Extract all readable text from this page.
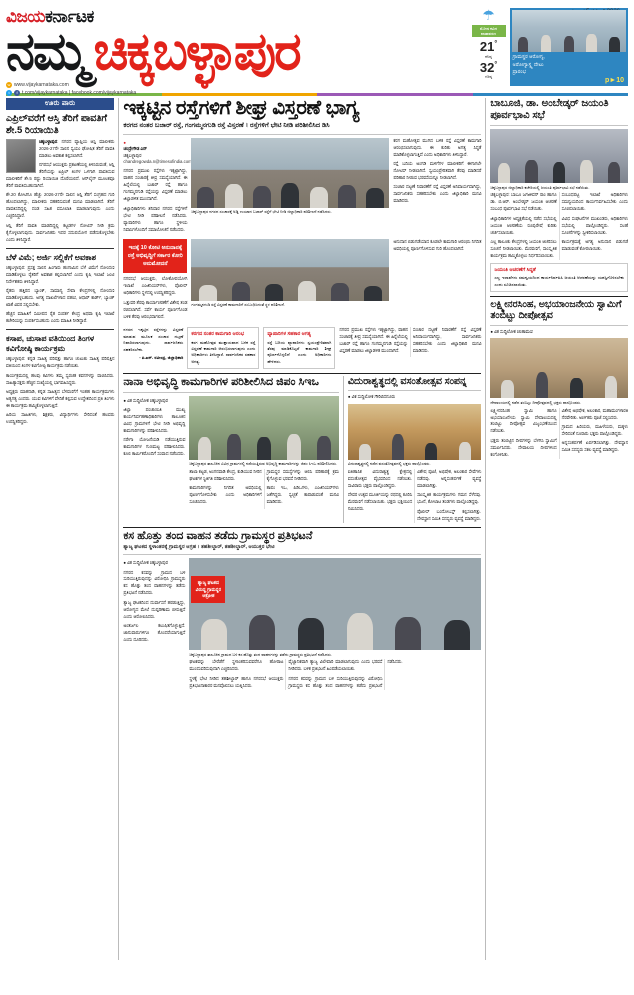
ವಿಜಯಕರ್ನಾಟಕ
ನಮ್ಮ ಚಿಕ್ಕಬಳ್ಳಾಪುರ
w www.vijaykarnataka.com
t f t.com/vijaykarnataka | facebook.com/vijaykarnataka
☂
ಮೋಡ ಕವಿದ ವಾತಾವರಣ
21°
ಕನಿಷ್ಠ
32°
ಗರಿಷ್ಠ
ಗ್ರಾಮಸ್ಥರ ಆರೋಗ್ಯ,
ಅರೋಗ್ಯಾಸ್ಥ್ಯ ದೇಟು
ಪ್ರಾರಂಭ
p►10
ಊರು ಪಾರು
ಎಪ್ರಿಲ್‌ವರೆಗೆ ಆಸ್ತಿ ತೆರಿಗೆ ಪಾವತಿಗೆ ಶೇ.5 ರಿಯಾಯಿತಿ

ಚಿಕ್ಕಬಳ್ಳಾಪುರ: ನಗರದ ವ್ಯಾಪ್ತಿಯ ಆಸ್ತಿ ಮಾಲೀಕರು 2026-27ನೇ ಸಾಲಿನ ಸ್ವಯಂ ಘೋಷಿತ ತೆರಿಗೆ ಪಾವತಿ ಮಾಡಲು ಅವಕಾಶ ಕಲ್ಪಿಸಲಾಗಿದೆ.

ನಗರಸಭೆ ಆಯುಕ್ತರು ಪ್ರಕಟಣೆಯಲ್ಲಿ ತಿಳಿಸಿರುವಂತೆ, ಆಸ್ತಿ ತೆರಿಗೆಯನ್ನು ಏಪ್ರಿಲ್ ತಿಂಗಳ ಒಳಗಾಗಿ ಪಾವತಿಸುವ ಮಾಲೀಕರಿಗೆ ಶೇ.5 ರಷ್ಟು ರಿಯಾಯಿತಿ ದೊರೆಯಲಿದೆ. ಆನ್‌ಲೈನ್ ಮೂಲಕವೂ ತೆರಿಗೆ ಪಾವತಿಸಬಹುದಾಗಿದೆ.

ಶೇ.20 ಕೋಟಿಗೂ ಹೆಚ್ಚು 2026-27ನೇ ಸಾಲಿನ ಆಸ್ತಿ ತೆರಿಗೆ ಸಂಗ್ರಹದ ಗುರಿ ಹೊಂದಲಾಗಿದ್ದು, ಮಾಲೀಕರು ಸಹಕರಿಸುವಂತೆ ಮನವಿ ಮಾಡಲಾಗಿದೆ. ತೆರಿಗೆ ಪಾವತಿಸದಿದ್ದಲ್ಲಿ ದಂಡ ಸಹಿತ ವಸೂಲಾತಿ ಮಾಡಲಾಗುವುದು ಎಂದು ಎಚ್ಚರಿಸಿದ್ದಾರೆ.

ಆಸ್ತಿ ತೆರಿಗೆ ಪಾವತಿ ಮಾಡದಿದ್ದಲ್ಲಿ ಕಟ್ಟಡಗಳ ನೋಟಿಸ್ ನೀಡಿ ಕ್ರಮ ಕೈಗೊಳ್ಳಲಾಗುವುದು. ಸಾರ್ವಜನಿಕರು ಇದರ ಸದುಪಯೋಗ ಪಡೆದುಕೊಳ್ಳಬೇಕು ಎಂದು ತಿಳಿಸಿದ್ದಾರೆ.

ಬೆಳೆ ವಿಮೆ; ಅರ್ಜಿ ಸಲ್ಲಿಕೆಗೆ ಅವಕಾಶ

ಚಿಕ್ಕಬಳ್ಳಾಪುರ: ಪ್ರಸಕ್ತ ಸಾಲಿನ ಹಿಂಗಾರು ಹಂಗಾಮಿನ ಬೆಳೆ ವಿಮೆಗೆ ನೋಂದಣಿ ಮಾಡಿಕೊಳ್ಳಲು ರೈತರಿಗೆ ಅವಕಾಶ ಕಲ್ಪಿಸಲಾಗಿದೆ ಎಂದು ಕೃಷಿ ಇಲಾಖೆ ಜಂಟಿ ನಿರ್ದೇಶಕರು ತಿಳಿಸಿದ್ದಾರೆ.

ರೈತರು ಹತ್ತಿರದ ಬ್ಯಾಂಕ್, ಸಾಮಾನ್ಯ ಸೇವಾ ಕೇಂದ್ರಗಳಲ್ಲಿ ನೋಂದಣಿ ಮಾಡಿಕೊಳ್ಳಬಹುದು. ಅಗತ್ಯ ದಾಖಲೆಗಳಾದ ಪಹಣಿ, ಆಧಾರ್ ಕಾರ್ಡ್, ಬ್ಯಾಂಕ್ ಖಾತೆ ವಿವರ ಸಲ್ಲಿಸಬೇಕು.

ಹೆಚ್ಚಿನ ಮಾಹಿತಿಗೆ ಸಮೀಪದ ರೈತ ಸಂಪರ್ಕ ಕೇಂದ್ರ ಅಥವಾ ಕೃಷಿ ಇಲಾಖೆ ಕಚೇರಿಯನ್ನು ಸಂಪರ್ಕಿಸಬಹುದು ಎಂದು ಮಾಹಿತಿ ನೀಡಿದ್ದಾರೆ.

ಕಸಾಪ, ಚುಸಾಪ ವತಿಯಿಂದ ತಿಂಗಳ ಕವಿಗೋಷ್ಠಿ ಕಾರ್ಯಕ್ರಮ

ಚಿಕ್ಕಬಳ್ಳಾಪುರ: ಕನ್ನಡ ಸಾಹಿತ್ಯ ಪರಿಷತ್ತು ಹಾಗೂ ಚುಟುಕು ಸಾಹಿತ್ಯ ಪರಿಷತ್ತಿನ ವತಿಯಿಂದ ತಿಂಗಳ ಕವಿಗೋಷ್ಠಿ ಕಾರ್ಯಕ್ರಮ ನಡೆಯಿತು.

ಕಾರ್ಯಕ್ರಮದಲ್ಲಿ ಹಲವು ಕವಿಗಳು ತಮ್ಮ ಸ್ವರಚಿತ ಕವನಗಳನ್ನು ವಾಚಿಸಿದರು. ಸಾಹಿತ್ಯಾಸಕ್ತರು ಹೆಚ್ಚಿನ ಸಂಖ್ಯೆಯಲ್ಲಿ ಭಾಗವಹಿಸಿದ್ದರು.

ಅಧ್ಯಕ್ಷರು ಮಾತನಾಡಿ, ಕನ್ನಡ ಸಾಹಿತ್ಯದ ಬೆಳವಣಿಗೆಗೆ ಇಂತಹ ಕಾರ್ಯಕ್ರಮಗಳು ಅತ್ಯಗತ್ಯ ಎಂದರು. ಯುವ ಕವಿಗಳಿಗೆ ವೇದಿಕೆ ಕಲ್ಪಿಸುವ ಉದ್ದೇಶದಿಂದ ಪ್ರತಿ ತಿಂಗಳು ಈ ಕಾರ್ಯಕ್ರಮ ಹಮ್ಮಿಕೊಳ್ಳಲಾಗುತ್ತಿದೆ.

ಹಿರಿಯ ಸಾಹಿತಿಗಳು, ಶಿಕ್ಷಕರು, ವಿದ್ಯಾರ್ಥಿಗಳು ಸೇರಿದಂತೆ ಹಲವರು ಉಪಸ್ಥಿತರಿದ್ದರು.

ಇಕ್ಕಟ್ಟಿನ ರಸ್ತೆಗಳಿಗೆ ಶೀಘ್ರ ವಿಸ್ತರಣೆ ಭಾಗ್ಯ
ಕರಗದ ನಂತರ ಬಜಾರ್ ರಸ್ತೆ, ಗಂಗಮ್ಮನಗುಡಿ ರಸ್ತೆ ವಿಸ್ತರಣೆ । ರಸ್ತೆಗಳಿಗೆ ಭೇಟಿ ನೀಡಿ ಪರಿಶೀಲಿಸಿದ ಡಿಸಿ
●
ಚಂದ್ರೇಗೌಡ ಎನ್
ಚಿಕ್ಕಬಳ್ಳಾಪುರ chandregowda.n@timesofindia.com

ನಗರದ ಪ್ರಮುಖ ರಸ್ತೆಗಳು ಇಕ್ಕಟ್ಟಾಗಿದ್ದು, ವಾಹನ ಸಂಚಾರಕ್ಕೆ ತೀವ್ರ ಸಮಸ್ಯೆಯಾಗಿದೆ. ಈ ಹಿನ್ನೆಲೆಯಲ್ಲಿ ಬಜಾರ್ ರಸ್ತೆ ಹಾಗೂ ಗಂಗಮ್ಮನಗುಡಿ ರಸ್ತೆಯನ್ನು ವಿಸ್ತರಣೆ ಮಾಡಲು ಜಿಲ್ಲಾಡಳಿತ ಮುಂದಾಗಿದೆ.

ಜಿಲ್ಲಾಧಿಕಾರಿಗಳು ಶನಿವಾರ ನಗರದ ರಸ್ತೆಗಳಿಗೆ ಭೇಟಿ ನೀಡಿ ಪರಿಶೀಲನೆ ನಡೆಸಿದರು. ವ್ಯಾಪಾರಿಗಳು ಹಾಗೂ ಸ್ಥಳೀಯ ನಿವಾಸಿಗಳೊಂದಿಗೆ ಸಮಾಲೋಚನೆ ನಡೆಸಿದರು.

ಚಿಕ್ಕಬಳ್ಳಾಪುರ ನಗರದ ಸಂಚಾರಕ್ಕೆ ಅಡ್ಡಿ ಉಂಟಾದ ಬಜಾರ್ ರಸ್ತೆಗೆ ಭೇಟಿ ನೀಡಿ ಜಿಲ್ಲಾಧಿಕಾರಿ ಪರಿಶೀಲನೆ ನಡೆಸಿದರು.

ಕರಗ ಮಹೋತ್ಸವ ಮುಗಿದ ಬಳಿಕ ರಸ್ತೆ ವಿಸ್ತರಣೆ ಕಾಮಗಾರಿ ಆರಂಭಿಸಲಾಗುವುದು. ಈ ಕುರಿತು ಅಗತ್ಯ ಸಿದ್ಧತೆ ಮಾಡಿಕೊಳ್ಳಲಾಗುತ್ತಿದೆ ಎಂದು ಅಧಿಕಾರಿಗಳು ತಿಳಿಸಿದ್ದಾರೆ.

ರಸ್ತೆ ಬದಿಯ ಅಂಗಡಿ ಮಳಿಗೆಗಳ ಮಾಲೀಕರಿಗೆ ಈಗಾಗಲೇ ನೋಟಿಸ್ ನೀಡಲಾಗಿದೆ. ಸ್ವಯಂಪ್ರೇರಿತವಾಗಿ ತೆರವು ಮಾಡಿದರೆ ಪರಿಹಾರ ನೀಡುವ ಭರವಸೆಯನ್ನೂ ನೀಡಲಾಗಿದೆ.

ಸಂಚಾರ ದಟ್ಟಣೆ ನಿವಾರಣೆಗೆ ರಸ್ತೆ ವಿಸ್ತರಣೆ ಅನಿವಾರ್ಯವಾಗಿದ್ದು, ಸಾರ್ವಜನಿಕರು ಸಹಕರಿಸಬೇಕು ಎಂದು ಜಿಲ್ಲಾಧಿಕಾರಿ ಮನವಿ ಮಾಡಿದರು.

ಇದಕ್ಕೆ 10 ಕೋಟಿ ಅನುದಾನಕ್ಕೆ ರಸ್ತೆ ಅಭಿವೃದ್ಧಿಗೆ ಸರ್ಕಾರ ಕೋರಿ ಅನುಮೋದನೆ

ನಗರಸಭೆ ಆಯುಕ್ತರು, ಲೋಕೋಪಯೋಗಿ ಇಲಾಖೆ ಎಂಜಿನಿಯರ್‌ಗಳು, ಪೊಲೀಸ್ ಅಧಿಕಾರಿಗಳು ಸ್ಥಳದಲ್ಲಿ ಉಪಸ್ಥಿತರಿದ್ದರು.

ಒತ್ತುವರಿ ತೆರವು ಕಾರ್ಯಾಚರಣೆಗೆ ವಿಶೇಷ ತಂಡ ರಚಿಸಲಾಗಿದೆ. ಸರ್ವೆ ಕಾರ್ಯ ಪೂರ್ಣಗೊಂಡ ಬಳಿಕ ತೆರವು ಆರಂಭವಾಗಲಿದೆ.

ಗಂಗಮ್ಮನಗುಡಿ ರಸ್ತೆ ವಿಸ್ತರಣೆ ಕಾಮಗಾರಿಗೆ ಸಂಬಂಧಿಸಿದಂತೆ ಸ್ಥಳ ಪರಿಶೀಲನೆ.

ಅನುದಾನ ಬಿಡುಗಡೆಯಾದ ಕೂಡಲೇ ಕಾಮಗಾರಿ ಆರಂಭಿಸಿ ನಿಗದಿತ ಅವಧಿಯಲ್ಲಿ ಪೂರ್ಣಗೊಳಿಸುವ ಗುರಿ ಹೊಂದಲಾಗಿದೆ.

ನಗರದ ಇಕ್ಕಟ್ಟಿನ ರಸ್ತೆಗಳನ್ನು ವಿಸ್ತರಣೆ ಮಾಡುವ ಮೂಲಕ ಸಂಚಾರ ದಟ್ಟಣೆ ನಿವಾರಿಸಲಾಗುವುದು. ಸಾರ್ವಜನಿಕರು ಸಹಕರಿಸಬೇಕು.
- ಪಿ.ಎನ್. ರವೀಂದ್ರ, ಜಿಲ್ಲಾಧಿಕಾರಿ
ಕರಗದ ನಂತರ ಕಾಮಗಾರಿ ಆರಂಭ
ಕರಗ ಮಹೋತ್ಸವ ಮುಕ್ತಾಯವಾದ ಬಳಿಕ ರಸ್ತೆ ವಿಸ್ತರಣೆ ಕಾಮಗಾರಿ ಆರಂಭಿಸಲಾಗುವುದು ಎಂದು ಅಧಿಕಾರಿಗಳು ತಿಳಿಸಿದ್ದಾರೆ. ಸಾರ್ವಜನಿಕರ ಸಹಕಾರ ಅಗತ್ಯ.
ವ್ಯಾಪಾರಿಗಳ ಸಹಕಾರ ಅಗತ್ಯ
ರಸ್ತೆ ಬದಿಯ ವ್ಯಾಪಾರಿಗಳು ಸ್ವಯಂಪ್ರೇರಿತವಾಗಿ ತೆರವು ಮಾಡಿಕೊಟ್ಟರೆ ಕಾಮಗಾರಿ ಶೀಘ್ರ ಪೂರ್ಣಗೊಳ್ಳಲಿದೆ ಎಂದು ಅಧಿಕಾರಿಗಳು ಹೇಳಿದರು.

ನಗರದ ಪ್ರಮುಖ ರಸ್ತೆಗಳು ಇಕ್ಕಟ್ಟಾಗಿದ್ದು, ವಾಹನ ಸಂಚಾರಕ್ಕೆ ತೀವ್ರ ಸಮಸ್ಯೆಯಾಗಿದೆ. ಈ ಹಿನ್ನೆಲೆಯಲ್ಲಿ ಬಜಾರ್ ರಸ್ತೆ ಹಾಗೂ ಗಂಗಮ್ಮನಗುಡಿ ರಸ್ತೆಯನ್ನು ವಿಸ್ತರಣೆ ಮಾಡಲು ಜಿಲ್ಲಾಡಳಿತ ಮುಂದಾಗಿದೆ.

ಸಂಚಾರ ದಟ್ಟಣೆ ನಿವಾರಣೆಗೆ ರಸ್ತೆ ವಿಸ್ತರಣೆ ಅನಿವಾರ್ಯವಾಗಿದ್ದು, ಸಾರ್ವಜನಿಕರು ಸಹಕರಿಸಬೇಕು ಎಂದು ಜಿಲ್ಲಾಧಿಕಾರಿ ಮನವಿ ಮಾಡಿದರು.

ನಾನಾ ಅಭಿವೃದ್ಧಿ ಕಾಮಗಾರಿಗಳ ಪರಿಶೀಲಿಸಿದ ಜಿಪಂ ಸಿಇಒ
● ವಿಕ ಸುದ್ದಿಲೋಕ ಚಿಕ್ಕಬಳ್ಳಾಪುರ

ಜಿಲ್ಲಾ ಪಂಚಾಯಿತಿ ಮುಖ್ಯ ಕಾರ್ಯನಿರ್ವಹಣಾಧಿಕಾರಿಗಳು ತಾಲೂಕಿನ ವಿವಿಧ ಗ್ರಾಮಗಳಿಗೆ ಭೇಟಿ ನೀಡಿ ಅಭಿವೃದ್ಧಿ ಕಾಮಗಾರಿಗಳನ್ನು ಪರಿಶೀಲಿಸಿದರು.

ನರೇಗಾ ಯೋಜನೆಯಡಿ ನಡೆಯುತ್ತಿರುವ ಕಾಮಗಾರಿಗಳ ಗುಣಮಟ್ಟ ಪರಿಶೀಲಿಸಿದರು. ಕೂಲಿ ಕಾರ್ಮಿಕರೊಂದಿಗೆ ಸಂವಾದ ನಡೆಸಿದರು.

ಚಿಕ್ಕಬಳ್ಳಾಪುರ ತಾಲೂಕಿನ ವಿವಿಧ ಗ್ರಾಮಗಳಲ್ಲಿ ನಡೆಯುತ್ತಿರುವ ಅಭಿವೃದ್ಧಿ ಕಾಮಗಾರಿಗಳನ್ನು ಜಿಪಂ ಸಿಇಒ ಪರಿಶೀಲಿಸಿದರು.

ಶಾಲಾ ಕಟ್ಟಡ, ಅಂಗನವಾಡಿ ಕೇಂದ್ರ, ಕುಡಿಯುವ ನೀರಿನ ಘಟಕಗಳ ಸ್ಥಿತಿಗತಿ ಪರಿಶೀಲಿಸಿದರು.

ಕಾಮಗಾರಿಗಳನ್ನು ನಿಗದಿತ ಅವಧಿಯಲ್ಲಿ ಪೂರ್ಣಗೊಳಿಸಬೇಕು ಎಂದು ಅಧಿಕಾರಿಗಳಿಗೆ ಸೂಚಿಸಿದರು.

ಗ್ರಾಮಸ್ಥರ ಸಮಸ್ಯೆಗಳನ್ನು ಆಲಿಸಿ ಪರಿಹಾರಕ್ಕೆ ಕ್ರಮ ಕೈಗೊಳ್ಳುವ ಭರವಸೆ ನೀಡಿದರು.

ತಾಪಂ ಇಒ, ಪಿಡಿಒಗಳು, ಎಂಜಿನಿಯರ್‌ಗಳು ಜತೆಗಿದ್ದರು. ಸ್ವಚ್ಛತೆ ಕಾಪಾಡುವಂತೆ ಮನವಿ ಮಾಡಿದರು.

ವಿದುರಾಶ್ವತ್ಥದಲ್ಲಿ ವಸಂತೋತ್ಸವ ಸಂಪನ್ನ
● ವಿಕ ಸುದ್ದಿಲೋಕ ಗೌರಿಬಿದನೂರು
ವಿದುರಾಶ್ವತ್ಥದಲ್ಲಿ ನಡೆದ ವಸಂತೋತ್ಸವದಲ್ಲಿ ಭಕ್ತರು ಪಾಲ್ಗೊಂಡರು.

ಐತಿಹಾಸಿಕ ವಿದುರಾಶ್ವತ್ಥ ಕ್ಷೇತ್ರದಲ್ಲಿ ವಸಂತೋತ್ಸವ ವೈಭವದಿಂದ ನಡೆಯಿತು. ಸಾವಿರಾರು ಭಕ್ತರು ಪಾಲ್ಗೊಂಡಿದ್ದರು.

ದೇವರ ಉತ್ಸವ ಮೂರ್ತಿಯನ್ನು ರಥದಲ್ಲಿ ಕೂರಿಸಿ ಮೆರವಣಿಗೆ ನಡೆಸಲಾಯಿತು. ಭಕ್ತರು ಭಕ್ತಿಯಿಂದ ನಮಿಸಿದರು.

ವಿಶೇಷ ಪೂಜೆ, ಅಭಿಷೇಕ, ಅಲಂಕಾರ ಸೇವೆಗಳು ನಡೆದವು. ಅನ್ನಸಂತರ್ಪಣೆ ವ್ಯವಸ್ಥೆ ಮಾಡಲಾಗಿತ್ತು.

ಸಾಂಸ್ಕೃತಿಕ ಕಾರ್ಯಕ್ರಮಗಳು ಗಮನ ಸೆಳೆದವು. ಭಜನೆ, ಕೋಲಾಟ ತಂಡಗಳು ಪಾಲ್ಗೊಂಡಿದ್ದವು.

ಪೊಲೀಸ್ ಬಂದೋಬಸ್ತ್ ಕಲ್ಪಿಸಲಾಗಿತ್ತು. ದೇವಸ್ಥಾನ ಸಮಿತಿ ಸದಸ್ಯರು ವ್ಯವಸ್ಥೆ ಮಾಡಿದ್ದರು.

ಕಸ ಹೊತ್ತು ತಂದ ವಾಹನ ತಡೆದು ಗ್ರಾಮಸ್ಥರ ಪ್ರತಿಭಟನೆ
ತ್ಯಾಜ್ಯ ಘಟಕದ ಸ್ಥಳಾಂತರಕ್ಕೆ ಗ್ರಾಮಸ್ಥರ ಆಗ್ರಹ । ತಹಶೀಲ್ದಾರ್, ತಹಶೀಲ್ದಾರ್, ಆಯುಕ್ತರ ಭೇಟಿ
● ವಿಕ ಸುದ್ದಿಲೋಕ ಚಿಕ್ಕಬಳ್ಳಾಪುರ

ನಗರದ ಕಸವನ್ನು ಗ್ರಾಮದ ಬಳಿ ಸುರಿಯುತ್ತಿರುವುದನ್ನು ವಿರೋಧಿಸಿ ಗ್ರಾಮಸ್ಥರು ಕಸ ಹೊತ್ತು ತಂದ ವಾಹನಗಳನ್ನು ತಡೆದು ಪ್ರತಿಭಟನೆ ನಡೆಸಿದರು.

ತ್ಯಾಜ್ಯ ಘಟಕದಿಂದ ದುರ್ವಾಸನೆ ಹರಡುತ್ತಿದ್ದು, ಆರೋಗ್ಯದ ಮೇಲೆ ದುಷ್ಪರಿಣಾಮ ಬೀರುತ್ತಿದೆ ಎಂದು ಆರೋಪಿಸಿದರು.

ಅಂತರ್ಜಲ ಕಲುಷಿತಗೊಳ್ಳುತ್ತಿದೆ. ಜಾನುವಾರುಗಳಿಗೂ ತೊಂದರೆಯಾಗುತ್ತಿದೆ ಎಂದು ದೂರಿದರು.

ತ್ಯಾಜ್ಯ ಘಟಕದ ವಿರುದ್ಧ ಗ್ರಾಮಸ್ಥರ ಆಕ್ರೋಶ
ಚಿಕ್ಕಬಳ್ಳಾಪುರ ತಾಲೂಕಿನ ಗ್ರಾಮದ ಬಳಿ ಕಸ ಹೊತ್ತು ತಂದ ವಾಹನಗಳನ್ನು ತಡೆದು ಗ್ರಾಮಸ್ಥರು ಪ್ರತಿಭಟನೆ ನಡೆಸಿದರು.

ಘಟಕವನ್ನು ಬೇರೆಡೆಗೆ ಸ್ಥಳಾಂತರಿಸುವವರೆಗೂ ಹೋರಾಟ ಮುಂದುವರಿಸುವುದಾಗಿ ಎಚ್ಚರಿಸಿದರು.

ಸ್ಥಳಕ್ಕೆ ಭೇಟಿ ನೀಡಿದ ತಹಶೀಲ್ದಾರ್ ಹಾಗೂ ನಗರಸಭೆ ಆಯುಕ್ತರು ಪ್ರತಿಭಟನಾಕಾರರ ಮನವೊಲಿಸಲು ಯತ್ನಿಸಿದರು.

ವೈಜ್ಞಾನಿಕವಾಗಿ ತ್ಯಾಜ್ಯ ವಿಲೇವಾರಿ ಮಾಡಲಾಗುವುದು ಎಂದು ಭರವಸೆ ನೀಡಿದರು. ಬಳಿಕ ಪ್ರತಿಭಟನೆ ಹಿಂಪಡೆಯಲಾಯಿತು.

ನಗರದ ಕಸವನ್ನು ಗ್ರಾಮದ ಬಳಿ ಸುರಿಯುತ್ತಿರುವುದನ್ನು ವಿರೋಧಿಸಿ ಗ್ರಾಮಸ್ಥರು ಕಸ ಹೊತ್ತು ತಂದ ವಾಹನಗಳನ್ನು ತಡೆದು ಪ್ರತಿಭಟನೆ ನಡೆಸಿದರು.

ಬಾಬೂಜಿ, ಡಾ. ಅಂಬೇಡ್ಕರ್ ಜಯಂತಿ ಪೂರ್ವಭಾವಿ ಸಭೆ
ಚಿಕ್ಕಬಳ್ಳಾಪುರ ಜಿಲ್ಲಾಧಿಕಾರಿ ಕಚೇರಿಯಲ್ಲಿ ಜಯಂತಿ ಪೂರ್ವಭಾವಿ ಸಭೆ ನಡೆಯಿತು.

ಚಿಕ್ಕಬಳ್ಳಾಪುರ: ಬಾಬೂ ಜಗಜೀವನ್ ರಾಂ ಹಾಗೂ ಡಾ. ಬಿ.ಆರ್. ಅಂಬೇಡ್ಕರ್ ಜಯಂತಿ ಆಚರಣೆ ಸಂಬಂಧ ಪೂರ್ವಭಾವಿ ಸಭೆ ನಡೆಯಿತು.

ಜಿಲ್ಲಾಧಿಕಾರಿಗಳ ಅಧ್ಯಕ್ಷತೆಯಲ್ಲಿ ನಡೆದ ಸಭೆಯಲ್ಲಿ ಜಯಂತಿ ಆಚರಣೆಯ ರೂಪುರೇಷೆ ಕುರಿತು ಚರ್ಚಿಸಲಾಯಿತು.

ಎಲ್ಲ ತಾಲೂಕು ಕೇಂದ್ರಗಳಲ್ಲಿ ಜಯಂತಿ ಆಚರಿಸಲು ಸೂಚನೆ ನೀಡಲಾಯಿತು. ಮೆರವಣಿಗೆ, ಸಾಂಸ್ಕೃತಿಕ ಕಾರ್ಯಕ್ರಮ ಹಮ್ಮಿಕೊಳ್ಳಲು ನಿರ್ಧರಿಸಲಾಯಿತು.

ಸಂಬಂಧಪಟ್ಟ ಇಲಾಖೆ ಅಧಿಕಾರಿಗಳು ಸಮನ್ವಯದಿಂದ ಕಾರ್ಯನಿರ್ವಹಿಸಬೇಕು ಎಂದು ಸೂಚಿಸಲಾಯಿತು.

ವಿವಿಧ ಸಂಘಟನೆಗಳ ಮುಖಂಡರು, ಅಧಿಕಾರಿಗಳು ಸಭೆಯಲ್ಲಿ ಪಾಲ್ಗೊಂಡಿದ್ದರು. ಸಲಹೆ ಸೂಚನೆಗಳನ್ನು ಸ್ವೀಕರಿಸಲಾಯಿತು.

ಕಾರ್ಯಕ್ರಮಕ್ಕೆ ಅಗತ್ಯ ಅನುದಾನ ಬಿಡುಗಡೆ ಮಾಡುವಂತೆ ಕೋರಲಾಯಿತು.

ಜಯಂತಿ ಆಚರಣೆಗೆ ಸಿದ್ಧತೆ
ಎಲ್ಲ ಇಲಾಖೆಗಳು ಸಮನ್ವಯದಿಂದ ಕಾರ್ಯನಿರ್ವಹಿಸಿ ಜಯಂತಿ ಆಚರಣೆಯನ್ನು ಯಶಸ್ವಿಗೊಳಿಸಬೇಕು ಎಂದು ಸೂಚಿಸಲಾಯಿತು.
ಲಕ್ಷ್ಮೀನರಸಿಂಹ, ಅಭಯಾಂಜನೇಯ ಸ್ವಾಮಿಗೆ ತಂಬಿಟ್ಟು ದೀಪೋತ್ಸವ
● ವಿಕ ಸುದ್ದಿಲೋಕ ಚಿಂತಾಮಣಿ
ದೇವಾಲಯದಲ್ಲಿ ನಡೆದ ತಂಬಿಟ್ಟು ದೀಪೋತ್ಸವದಲ್ಲಿ ಭಕ್ತರು ಪಾಲ್ಗೊಂಡರು.

ಲಕ್ಷ್ಮೀನರಸಿಂಹ ಸ್ವಾಮಿ ಹಾಗೂ ಅಭಯಾಂಜನೇಯ ಸ್ವಾಮಿ ದೇವಾಲಯದಲ್ಲಿ ತಂಬಿಟ್ಟು ದೀಪೋತ್ಸವ ವಿಜೃಂಭಣೆಯಿಂದ ನಡೆಯಿತು.

ಭಕ್ತರು ತಂಬಿಟ್ಟಿನ ದೀಪಗಳನ್ನು ಬೆಳಗಿಸಿ ಸ್ವಾಮಿಗೆ ಸಮರ್ಪಿಸಿದರು. ದೇವಾಲಯ ದೀಪಗಳಿಂದ ಕಂಗೊಳಿಸಿತು.

ವಿಶೇಷ ಅಭಿಷೇಕ, ಅಲಂಕಾರ, ಮಹಾಮಂಗಳಾರತಿ ನೆರವೇರಿತು. ಅರ್ಚಕರು ಪೂಜೆ ಸಲ್ಲಿಸಿದರು.

ಗ್ರಾಮದ ಹಿರಿಯರು, ಮಹಿಳೆಯರು, ಮಕ್ಕಳು ಸೇರಿದಂತೆ ನೂರಾರು ಭಕ್ತರು ಪಾಲ್ಗೊಂಡಿದ್ದರು.

ಅನ್ನಸಂತರ್ಪಣೆ ಏರ್ಪಡಿಸಲಾಗಿತ್ತು. ದೇವಸ್ಥಾನ ಸಮಿತಿ ಸದಸ್ಯರು ಸಕಲ ವ್ಯವಸ್ಥೆ ಮಾಡಿದ್ದರು.
